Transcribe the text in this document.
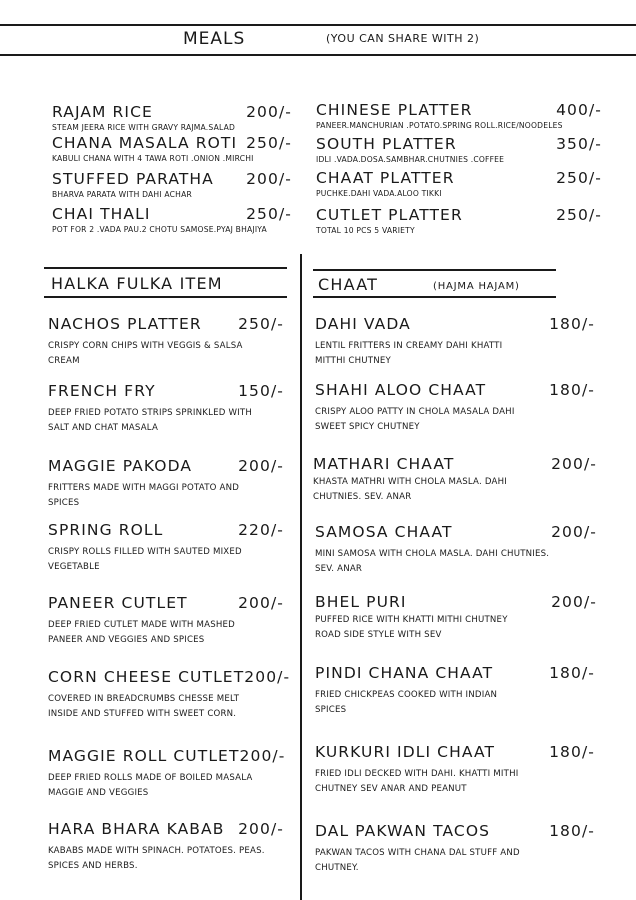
MEALS	(YOU CAN SHARE WITH 2)
RAJAM RICE	200/-
STEAM JEERA RICE WITH GRAVY RAJMA.SALAD
CHANA MASALA ROTI 250/-
KABULI CHANA WITH 4 TAWA ROTI .ONION .MIRCHI
STUFFED PARATHA 200/-
BHARVA PARATA WITH DAHI ACHAR
CHAI THALI	250/-
POT FOR 2 .VADA PAU.2 CHOTU SAMOSE.PYAJ BHAJIYA
CHINESE PLATTER	400/-
PANEER.MANCHURIAN .POTATO.SPRING ROLL.RICE/NOODELES
SOUTH PLATTER	350/-
IDLI .VADA.DOSA.SAMBHAR.CHUTNIES .COFFEE
CHAAT PLATTER	250/-
PUCHKE.DAHI VADA.ALOO TIKKI
CUTLET PLATTER	250/-
TOTAL 10 PCS 5 VARIETY
HALKA FULKA ITEM	CHAAT	(HAJMA HAJAM)
NACHOS PLATTER 250/-
CRISPY CORN CHIPS WITH VEGGIS & SALSA CREAM
FRENCH FRY	150/-
DEEP FRIED POTATO STRIPS SPRINKLED WITH SALT AND CHAT MASALA
MAGGIE PAKODA	200/-
FRITTERS MADE WITH MAGGI POTATO AND SPICES
SPRING ROLL	220/-
CRISPY ROLLS FILLED WITH SAUTED MIXED VEGETABLE
PANEER CUTLET	200/-
DEEP FRIED CUTLET MADE WITH MASHED PANEER AND VEGGIES AND SPICES
CORN CHEESE CUTLET 200/-
COVERED IN BREADCRUMBS CHESSE MELT INSIDE AND STUFFED WITH SWEET CORN.
MAGGIE ROLL CUTLET 200/-
DEEP FRIED ROLLS MADE OF BOILED MASALA MAGGIE AND VEGGIES
HARA BHARA KABAB 200/-
KABABS MADE WITH SPINACH. POTATOES. PEAS. SPICES AND HERBS.
DAHI VADA	180/-
LENTIL FRITTERS IN CREAMY DAHI KHATTI MITTHI CHUTNEY
SHAHI ALOO CHAAT	180/-
CRISPY ALOO PATTY IN CHOLA MASALA DAHI SWEET SPICY CHUTNEY
MATHARI CHAAT	200/-
KHASTA MATHRI WITH CHOLA MASLA. DAHI CHUTNIES. SEV. ANAR
SAMOSA CHAAT	200/-
MINI SAMOSA WITH CHOLA MASLA. DAHI CHUTNIES. SEV. ANAR
BHEL PURI	200/-
PUFFED RICE WITH KHATTI MITHI CHUTNEY ROAD SIDE STYLE WITH SEV
PINDI CHANA CHAAT	180/-
FRIED CHICKPEAS COOKED WITH INDIAN SPICES
KURKURI IDLI CHAAT	180/-
FRIED IDLI DECKED WITH DAHI. KHATTI MITHI CHUTNEY SEV ANAR AND PEANUT
DAL PAKWAN TACOS	180/-
PAKWAN TACOS WITH CHANA DAL STUFF AND CHUTNEY.
